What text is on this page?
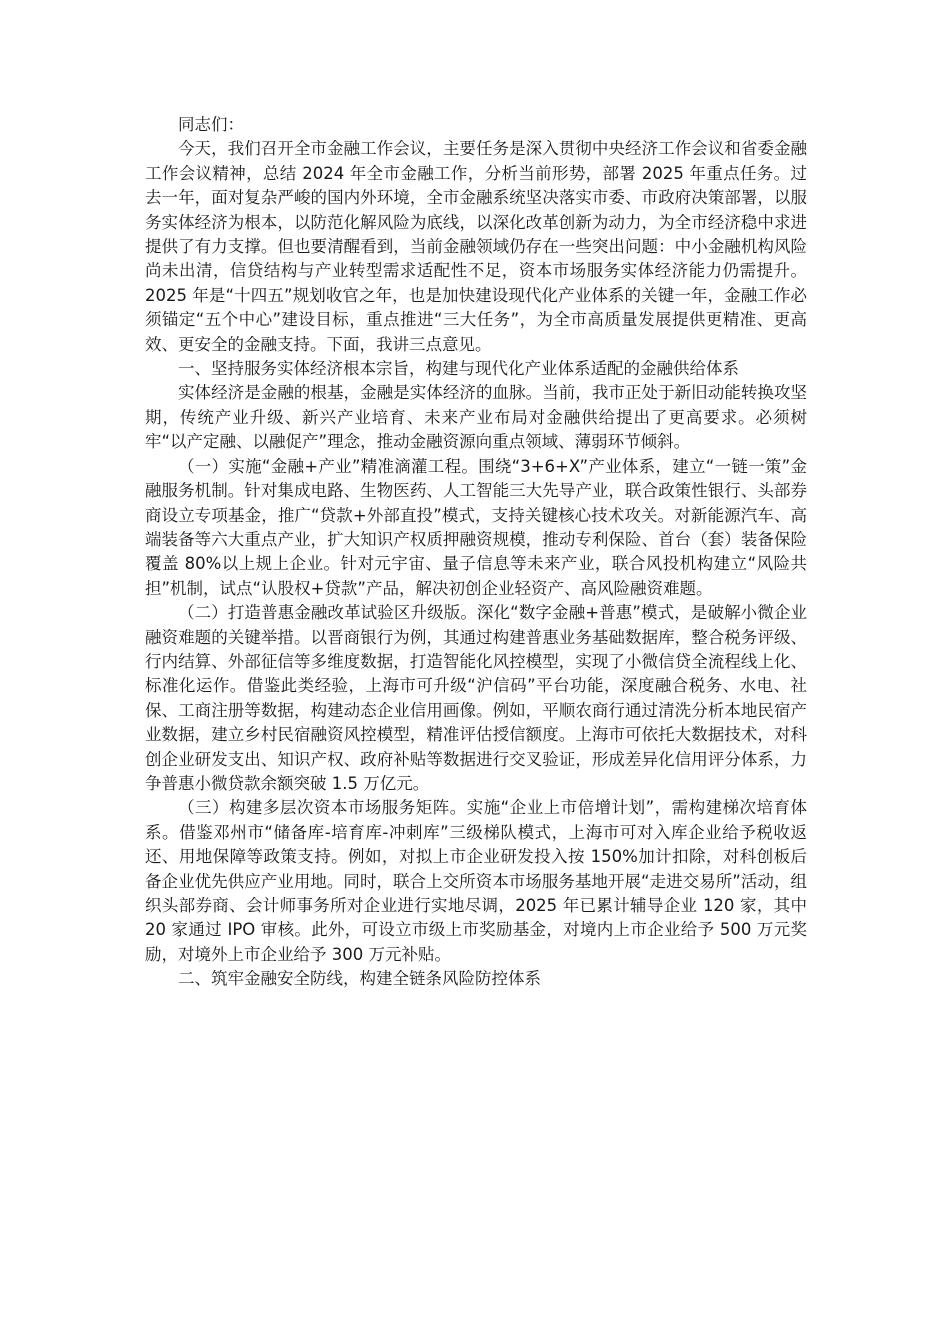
同志们：

今天，我们召开全市金融工作会议，主要任务是深入贯彻中央经济工作会议和省委金融工作会议精神，总结 2024 年全市金融工作，分析当前形势，部署 2025 年重点任务。过去一年，面对复杂严峻的国内外环境，全市金融系统坚决落实市委、市政府决策部署，以服务实体经济为根本，以防范化解风险为底线，以深化改革创新为动力，为全市经济稳中求进提供了有力支撑。但也要清醒看到，当前金融领域仍存在一些突出问题：中小金融机构风险尚未出清，信贷结构与产业转型需求适配性不足，资本市场服务实体经济能力仍需提升。2025 年是“十四五”规划收官之年，也是加快建设现代化产业体系的关键一年，金融工作必须锚定“五个中心”建设目标，重点推进“三大任务”，为全市高质量发展提供更精准、更高效、更安全的金融支持。下面，我讲三点意见。

一、坚持服务实体经济根本宗旨，构建与现代化产业体系适配的金融供给体系

实体经济是金融的根基，金融是实体经济的血脉。当前，我市正处于新旧动能转换攻坚期，传统产业升级、新兴产业培育、未来产业布局对金融供给提出了更高要求。必须树牢“以产定融、以融促产”理念，推动金融资源向重点领域、薄弱环节倾斜。

（一）实施“金融+产业”精准滴灌工程。围绕“3+6+X”产业体系，建立“一链一策”金融服务机制。针对集成电路、生物医药、人工智能三大先导产业，联合政策性银行、头部券商设立专项基金，推广“贷款+外部直投”模式，支持关键核心技术攻关。对新能源汽车、高端装备等六大重点产业，扩大知识产权质押融资规模，推动专利保险、首台（套）装备保险覆盖 80%以上规上企业。针对元宇宙、量子信息等未来产业，联合风投机构建立“风险共担”机制，试点“认股权+贷款”产品，解决初创企业轻资产、高风险融资难题。

（二）打造普惠金融改革试验区升级版。深化“数字金融+普惠”模式，是破解小微企业融资难题的关键举措。以晋商银行为例，其通过构建普惠业务基础数据库，整合税务评级、行内结算、外部征信等多维度数据，打造智能化风控模型，实现了小微信贷全流程线上化、标准化运作。借鉴此类经验，上海市可升级“沪信码”平台功能，深度融合税务、水电、社保、工商注册等数据，构建动态企业信用画像。例如，平顺农商行通过清洗分析本地民宿产业数据，建立乡村民宿融资风控模型，精准评估授信额度。上海市可依托大数据技术，对科创企业研发支出、知识产权、政府补贴等数据进行交叉验证，形成差异化信用评分体系，力争普惠小微贷款余额突破 1.5 万亿元。

（三）构建多层次资本市场服务矩阵。实施“企业上市倍增计划”，需构建梯次培育体系。借鉴邓州市“储备库-培育库-冲刺库”三级梯队模式，上海市可对入库企业给予税收返还、用地保障等政策支持。例如，对拟上市企业研发投入按 150%加计扣除，对科创板后备企业优先供应产业用地。同时，联合上交所资本市场服务基地开展“走进交易所”活动，组织头部券商、会计师事务所对企业进行实地尽调，2025 年已累计辅导企业 120 家，其中 20 家通过 IPO 审核。此外，可设立市级上市奖励基金，对境内上市企业给予 500 万元奖励，对境外上市企业给予 300 万元补贴。

二、筑牢金融安全防线，构建全链条风险防控体系
